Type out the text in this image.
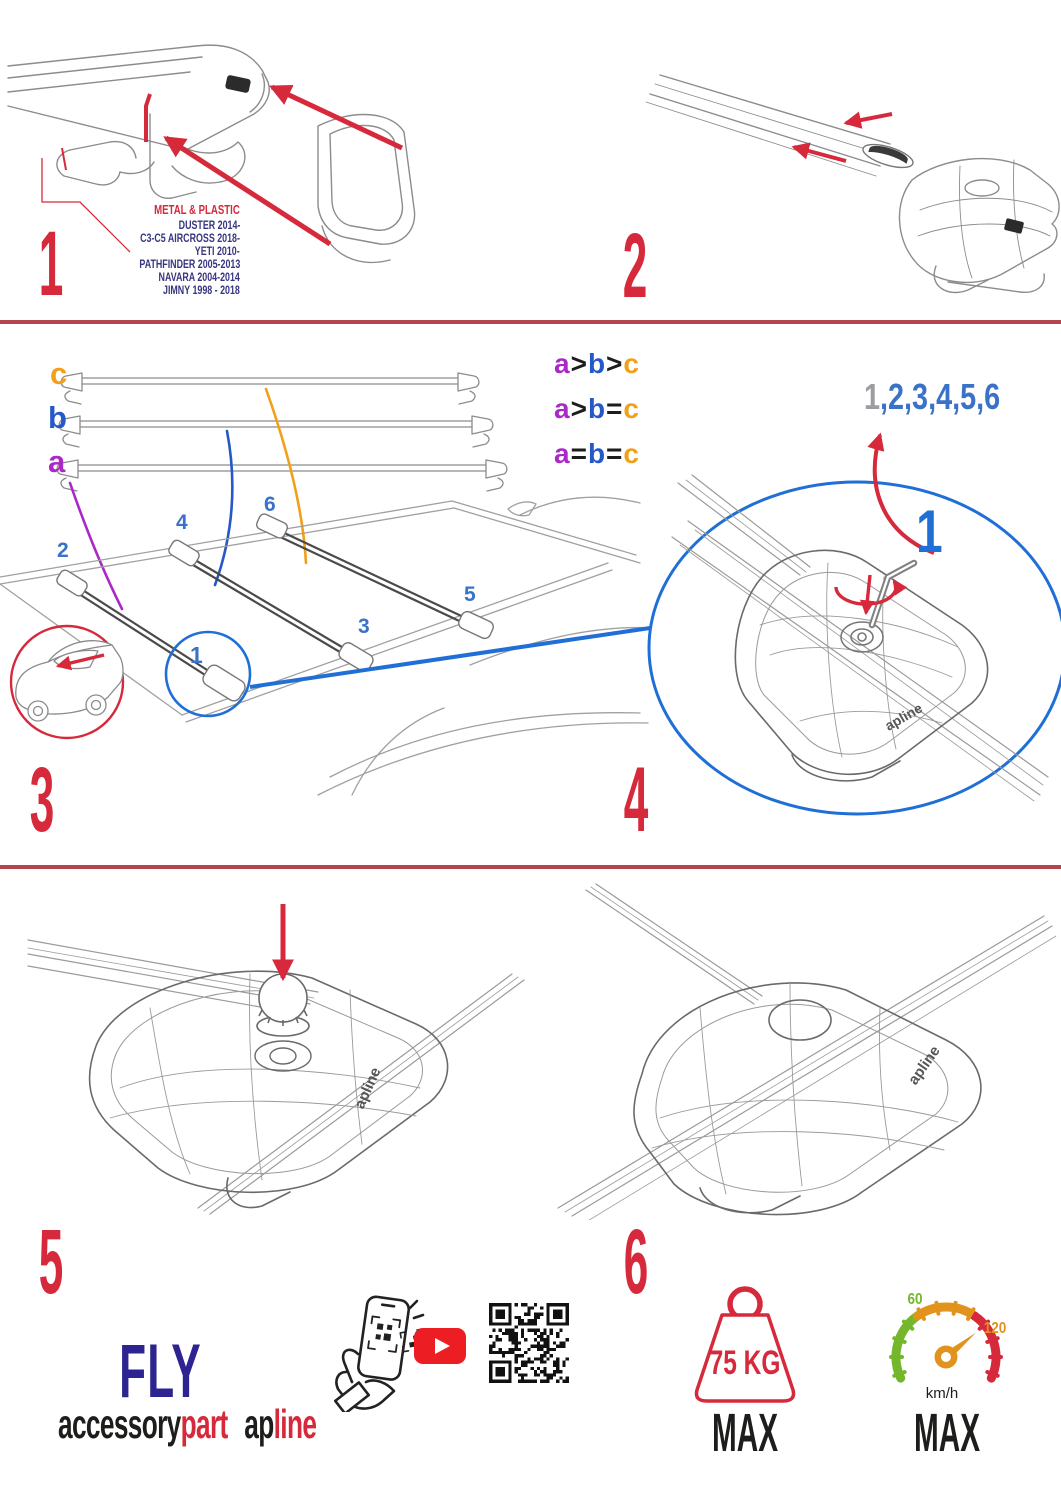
METAL & PLASTIC
DUSTER 2014-
C3-C5 AIRCROSS 2018-
YETI 2010-
PATHFINDER 2005-2013
NAVARA 2004-2014
JIMNY 1998 - 2018
1	2
apline
c
b
a
a>b>c
a>b=c
a=b=c
2
4
6
1
3
5
3	4
1,2,3,4,5,6
1
apline	apline
5	6
FLY
accessorypart apline
75 KG
MAX
60
120
km/h
MAX
